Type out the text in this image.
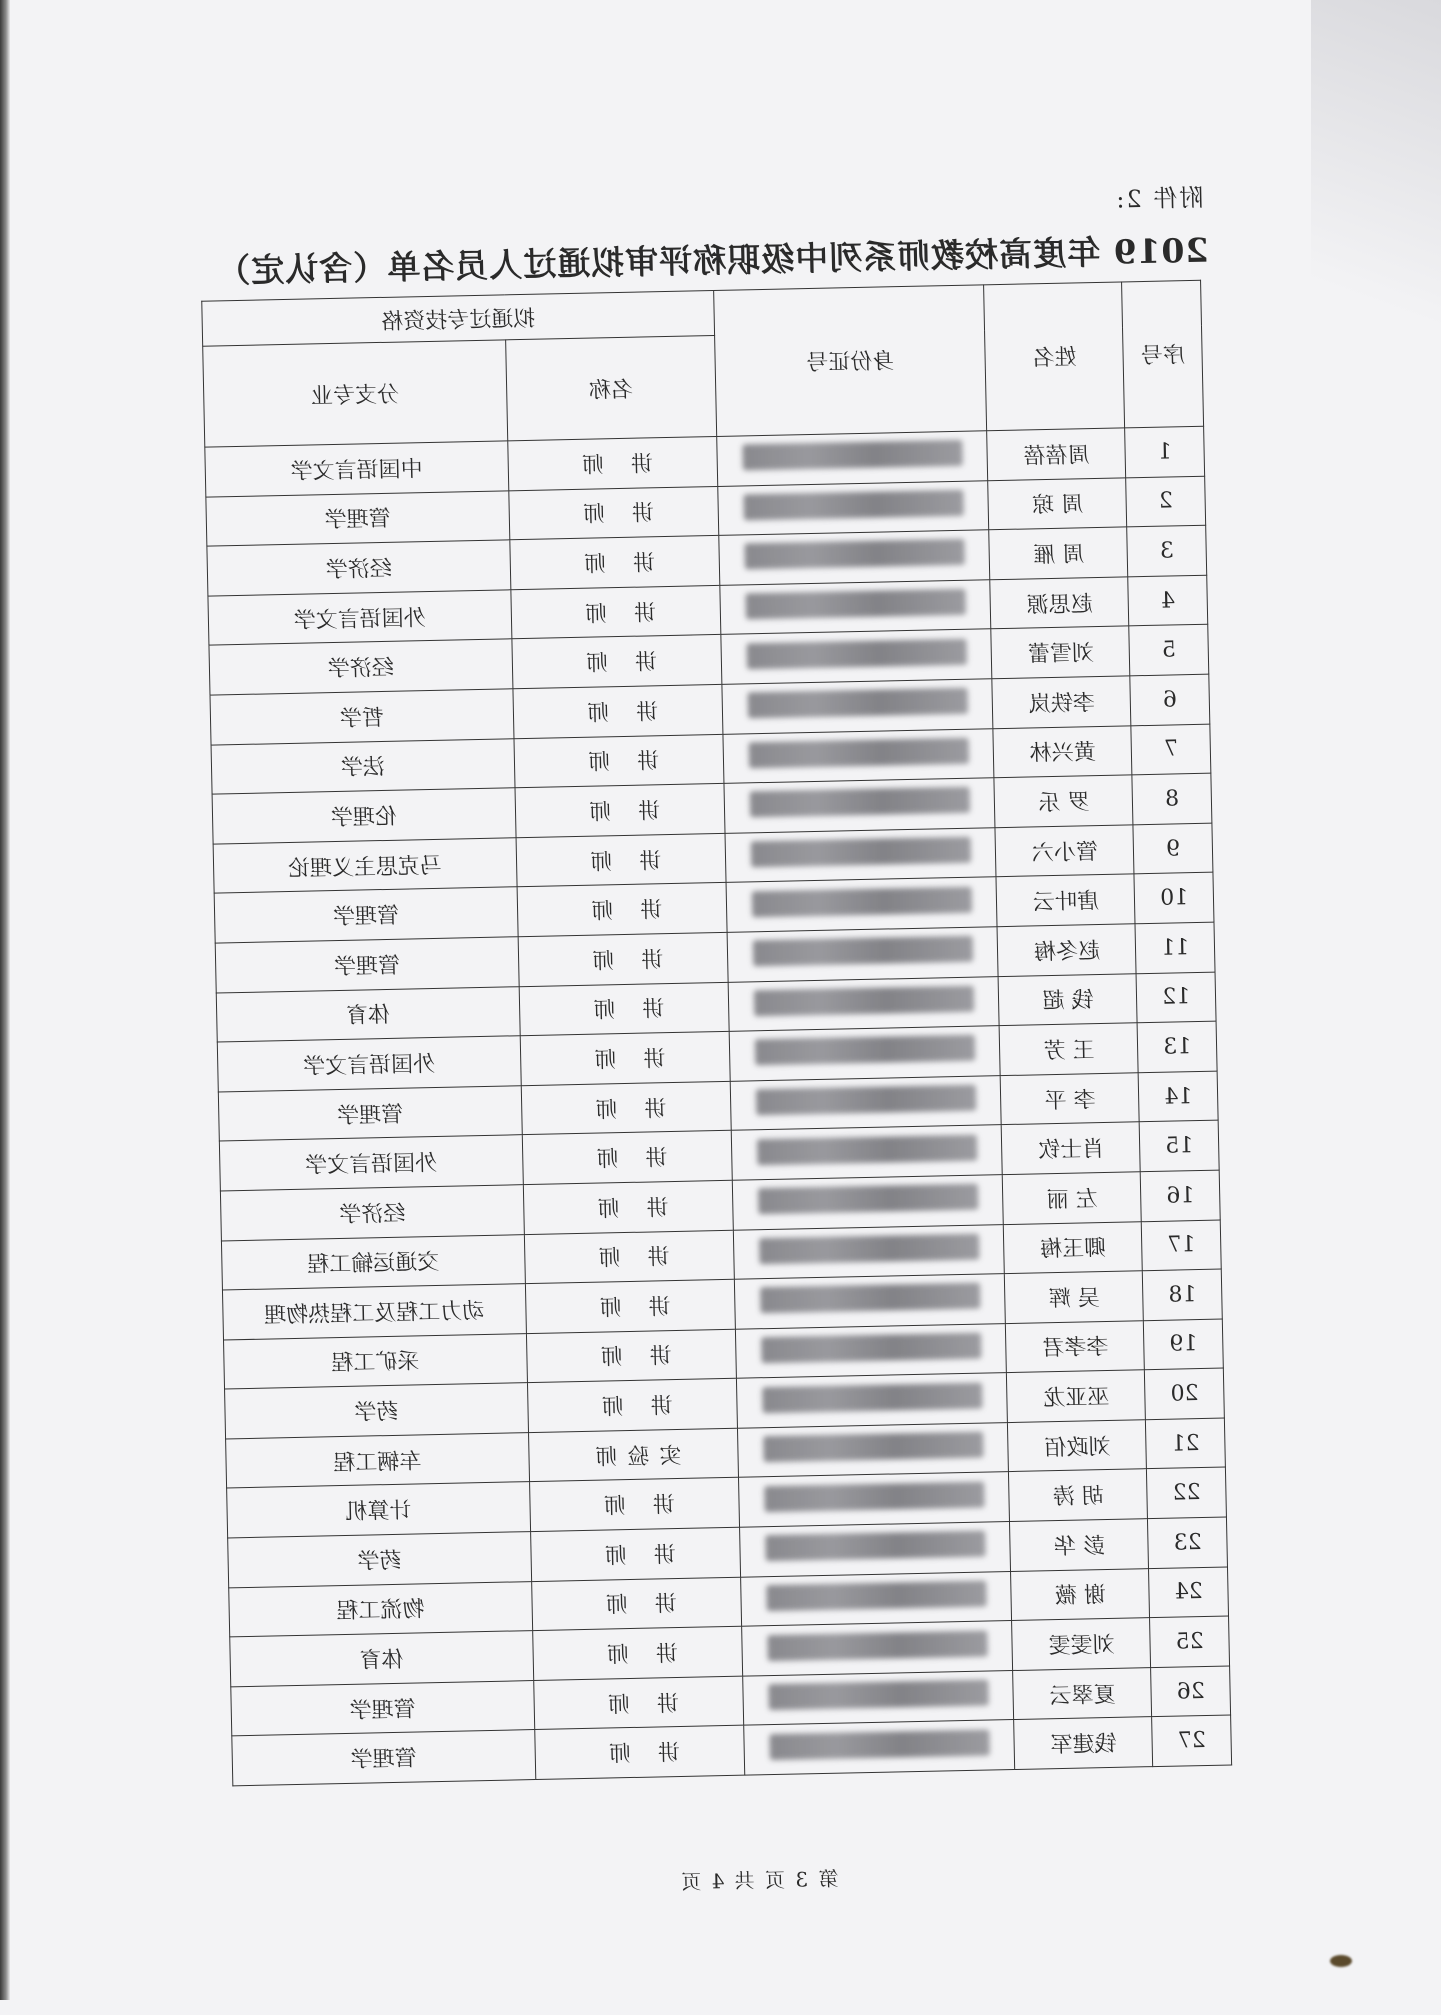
附件 2:
2019 年度高校教师系列中级职称评审拟通过人员名单（含认定）
序号	姓名	身份证号	拟通过专技资格	
			名称	分支专业
1	周蓓蓓		讲 师	中国语言文学
2	周 琼		讲 师	管理学
3	周 雁		讲 师	经济学
4	赵思源		讲 师	外国语言文学
5	刘雪蕾		讲 师	经济学
6	李铁岚		讲 师	哲学
7	黄兴林		讲 师	法学
8	罗 乐		讲 师	伦理学
9	管小六		讲 师	马克思主义理论
10	唐叶云		讲 师	管理学
11	赵冬梅		讲 师	管理学
12	钱 超		讲 师	体育
13	王 芳		讲 师	外国语言文学
14	李 平		讲 师	管理学
15	肖士钦		讲 师	外国语言文学
16	左 丽		讲 师	经济学
17	卿玉梅		讲 师	交通运输工程
18	吴 辉		讲 师	动力工程及工程热物理
19	李孝君		讲 师	采矿工程
20	巫亚龙		讲 师	药学
21	刘政佰		实验师	车辆工程
22	胡 涛		讲 师	计算机
23	彭 华		讲 师	药学
24	谢 薇		讲 师	物流工程
25	刘雯雯		讲 师	体育
26	夏翠云		讲 师	管理学
27	钱建军		讲 师	管理学
第 3 页 共 4 页
